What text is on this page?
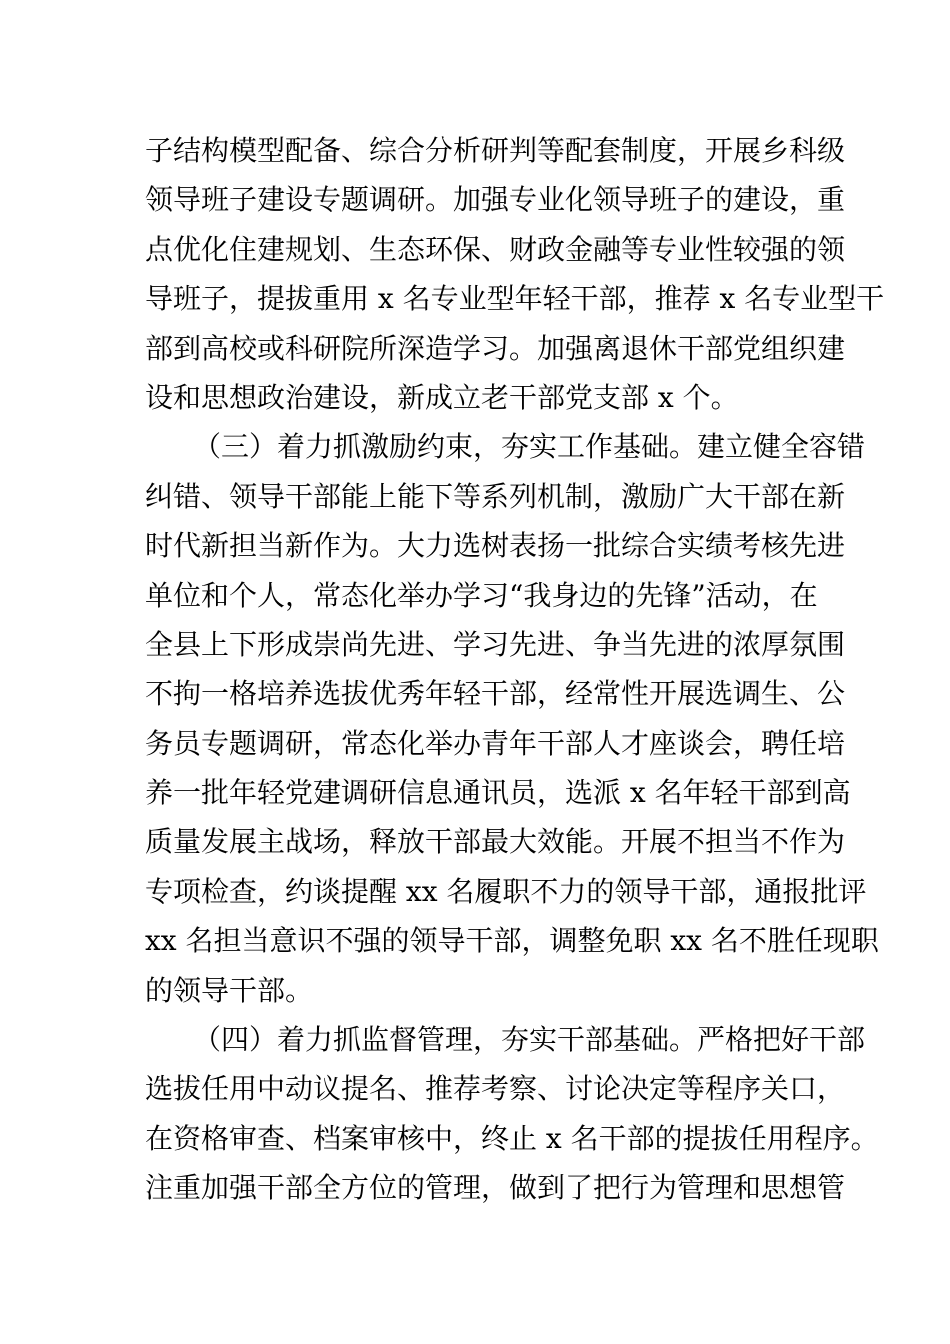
子结构模型配备、综合分析研判等配套制度，开展乡科级
领导班子建设专题调研。加强专业化领导班子的建设，重
点优化住建规划、生态环保、财政金融等专业性较强的领
导班子，提拔重用 x 名专业型年轻干部，推荐 x 名专业型干
部到高校或科研院所深造学习。加强离退休干部党组织建
设和思想政治建设，新成立老干部党支部 x 个。
（三）着力抓激励约束，夯实工作基础。建立健全容错
纠错、领导干部能上能下等系列机制，激励广大干部在新
时代新担当新作为。大力选树表扬一批综合实绩考核先进
单位和个人，常态化举办学习“我身边的先锋”活动，在
全县上下形成崇尚先进、学习先进、争当先进的浓厚氛围
不拘一格培养选拔优秀年轻干部，经常性开展选调生、公
务员专题调研，常态化举办青年干部人才座谈会，聘任培
养一批年轻党建调研信息通讯员，选派 x 名年轻干部到高
质量发展主战场，释放干部最大效能。开展不担当不作为
专项检查，约谈提醒 xx 名履职不力的领导干部，通报批评
xx 名担当意识不强的领导干部，调整免职 xx 名不胜任现职
的领导干部。
（四）着力抓监督管理，夯实干部基础。严格把好干部
选拔任用中动议提名、推荐考察、讨论决定等程序关口，
在资格审查、档案审核中，终止 x 名干部的提拔任用程序。
注重加强干部全方位的管理，做到了把行为管理和思想管
